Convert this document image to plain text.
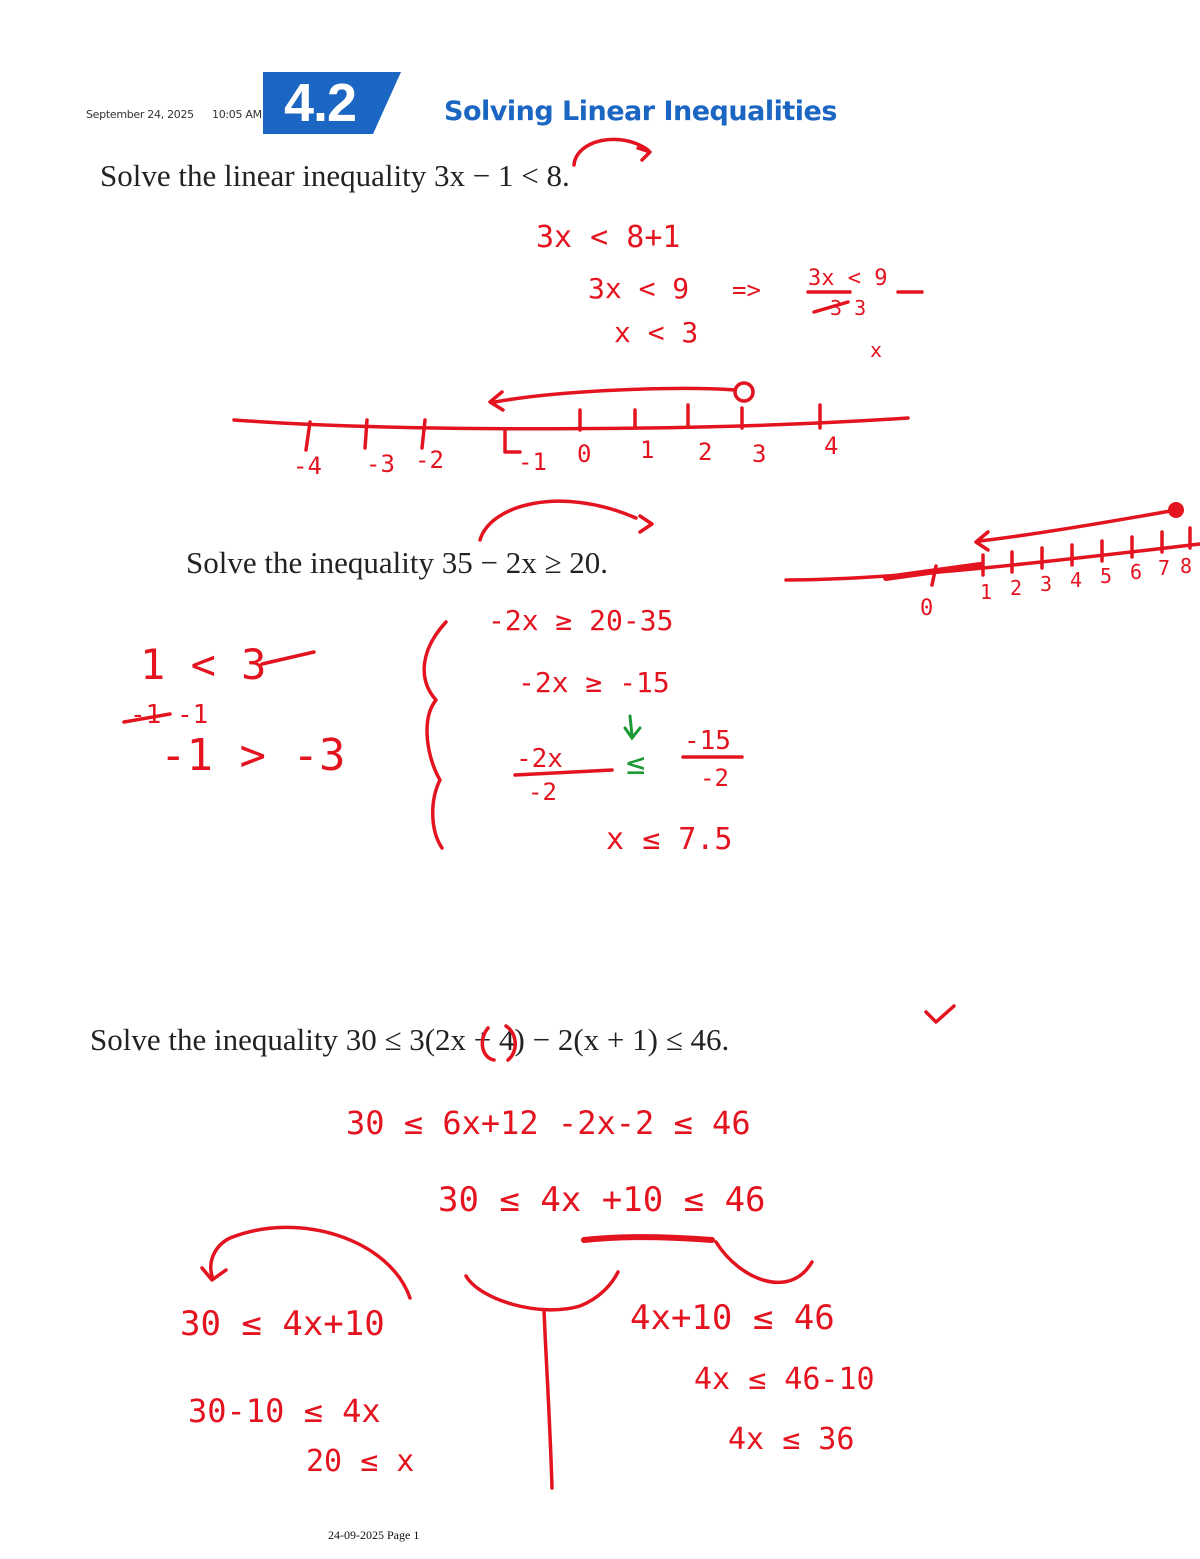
September 24, 2025 10:05 AM 4.2	Solving Linear Inequalities
Solve the linear inequality 3x − 1 < 8.
Solve the inequality 35 − 2x ≥ 20.
Solve the inequality 30 ≤ 3(2x + 4) − 2(x + 1) ≤ 46.
3x < 8+1
3x < 9 => 3x < 9
3 3
x < 3
x
-4 -3 -2	-1 0 1 2 3 4
-2x ≥ 20-35
-2x ≥ -15
-2x
-2
≤
-15
-2
x ≤ 7.5
0
1 2 3 4 5 6 7 8
1 < 3
-1 -1
-1 > -3
30 ≤ 6x+12 -2x-2 ≤ 46
30 ≤ 4x +10 ≤ 46
30 ≤ 4x+10
30-10 ≤ 4x
20 ≤ x
4x+10 ≤ 46
4x ≤ 46-10
4x ≤ 36
24-09-2025 Page 1
